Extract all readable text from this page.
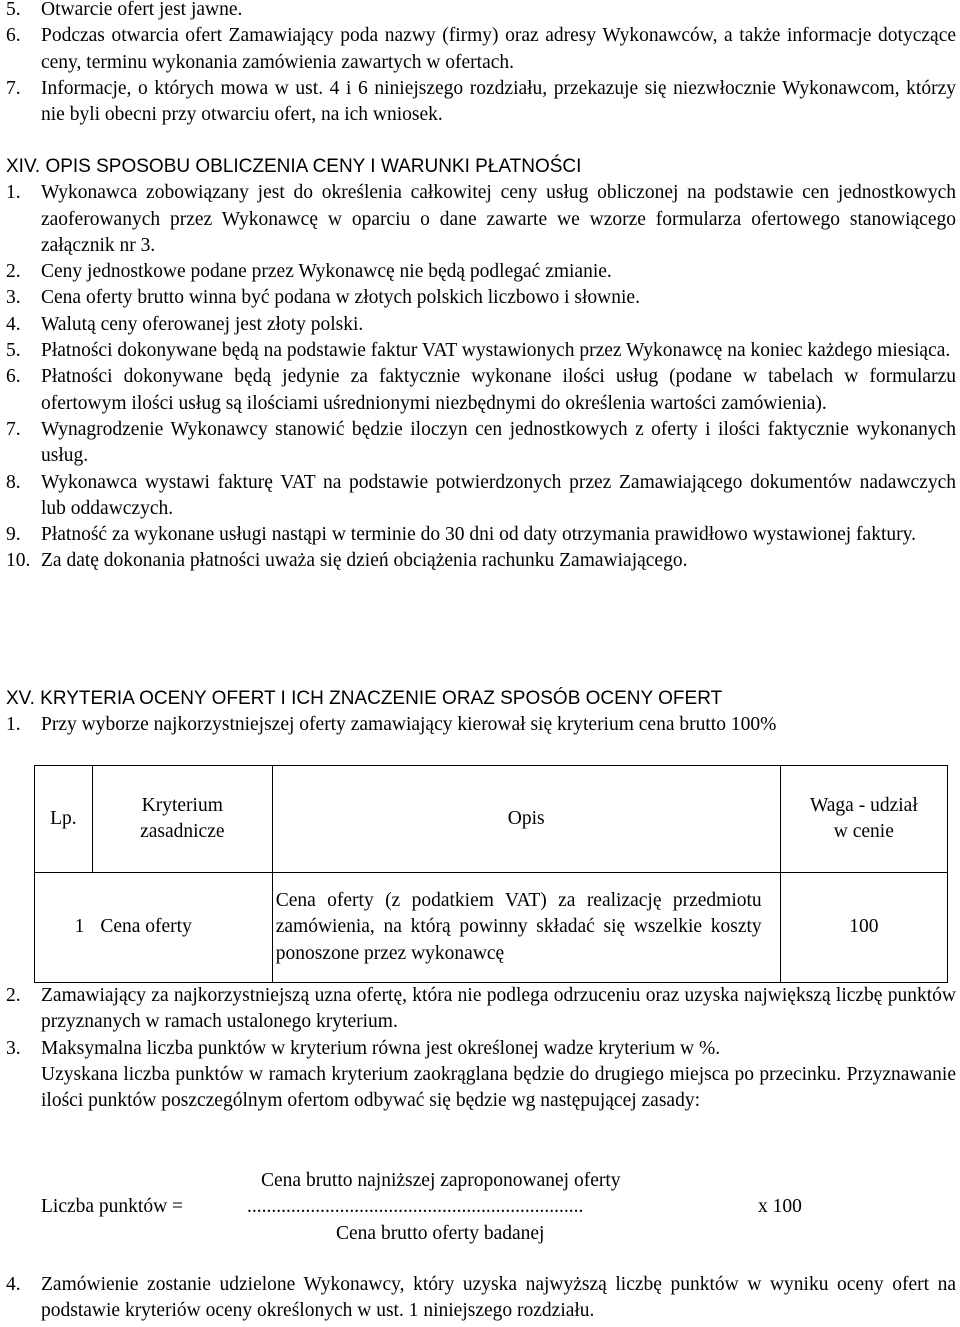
5. Otwarcie ofert jest jawne.
6. Podczas otwarcia ofert Zamawiający poda nazwy (firmy) oraz adresy Wykonawców, a także informacje dotyczące ceny, terminu wykonania zamówienia zawartych w ofertach.
7. Informacje, o których mowa w ust. 4 i 6 niniejszego rozdziału, przekazuje się niezwłocznie Wykonawcom, którzy nie byli obecni przy otwarciu ofert, na ich wniosek.
XIV. OPIS SPOSOBU OBLICZENIA CENY I WARUNKI PŁATNOŚCI
1. Wykonawca zobowiązany jest do określenia całkowitej ceny usług obliczonej na podstawie cen jednostkowych zaoferowanych przez Wykonawcę w oparciu o dane zawarte we wzorze formularza ofertowego stanowiącego załącznik nr 3.
2. Ceny jednostkowe podane przez Wykonawcę nie będą podlegać zmianie.
3. Cena oferty brutto winna być podana w złotych polskich liczbowo i słownie.
4. Walutą ceny oferowanej jest złoty polski.
5. Płatności dokonywane będą na podstawie faktur VAT wystawionych przez Wykonawcę na koniec każdego miesiąca.
6. Płatności dokonywane będą jedynie za faktycznie wykonane ilości usług (podane w tabelach w formularzu ofertowym ilości usług są ilościami uśrednionymi niezbędnymi do określenia wartości zamówienia).
7. Wynagrodzenie Wykonawcy stanowić będzie iloczyn cen jednostkowych z oferty i ilości faktycznie wykonanych usług.
8. Wykonawca wystawi fakturę VAT na podstawie potwierdzonych przez Zamawiającego dokumentów nadawczych lub oddawczych.
9. Płatność za wykonane usługi nastąpi w terminie do 30 dni od daty otrzymania prawidłowo wystawionej faktury.
10. Za datę dokonania płatności uważa się dzień obciążenia rachunku Zamawiającego.
XV. KRYTERIA OCENY OFERT I ICH ZNACZENIE ORAZ SPOSÓB OCENY OFERT
1. Przy wyborze najkorzystniejszej oferty zamawiający kierował się kryterium cena brutto 100%
Lp.	Kryterium zasadnicze	Opis	Waga - udział w cenie
1	Cena oferty	Cena oferty (z podatkiem VAT) za realizację przedmiotu zamówienia, na którą powinny składać się wszelkie koszty ponoszone przez wykonawcę	100
2. Zamawiający za najkorzystniejszą uzna ofertę, która nie podlega odrzuceniu oraz uzyska największą liczbę punktów przyznanych w ramach ustalonego kryterium.
3. Maksymalna liczba punktów w kryterium równa jest określonej wadze kryterium w %.
Uzyskana liczba punktów w ramach kryterium zaokrąglana będzie do drugiego miejsca po przecinku. Przyznawanie ilości punktów poszczególnym ofertom odbywać się będzie wg następującej zasady:
Cena brutto najniższej zaproponowanej oferty
Liczba punktów =	.....................................................................	x 100
Cena brutto oferty badanej
4. Zamówienie zostanie udzielone Wykonawcy, który uzyska najwyższą liczbę punktów w wyniku oceny ofert na podstawie kryteriów oceny określonych w ust. 1 niniejszego rozdziału.
